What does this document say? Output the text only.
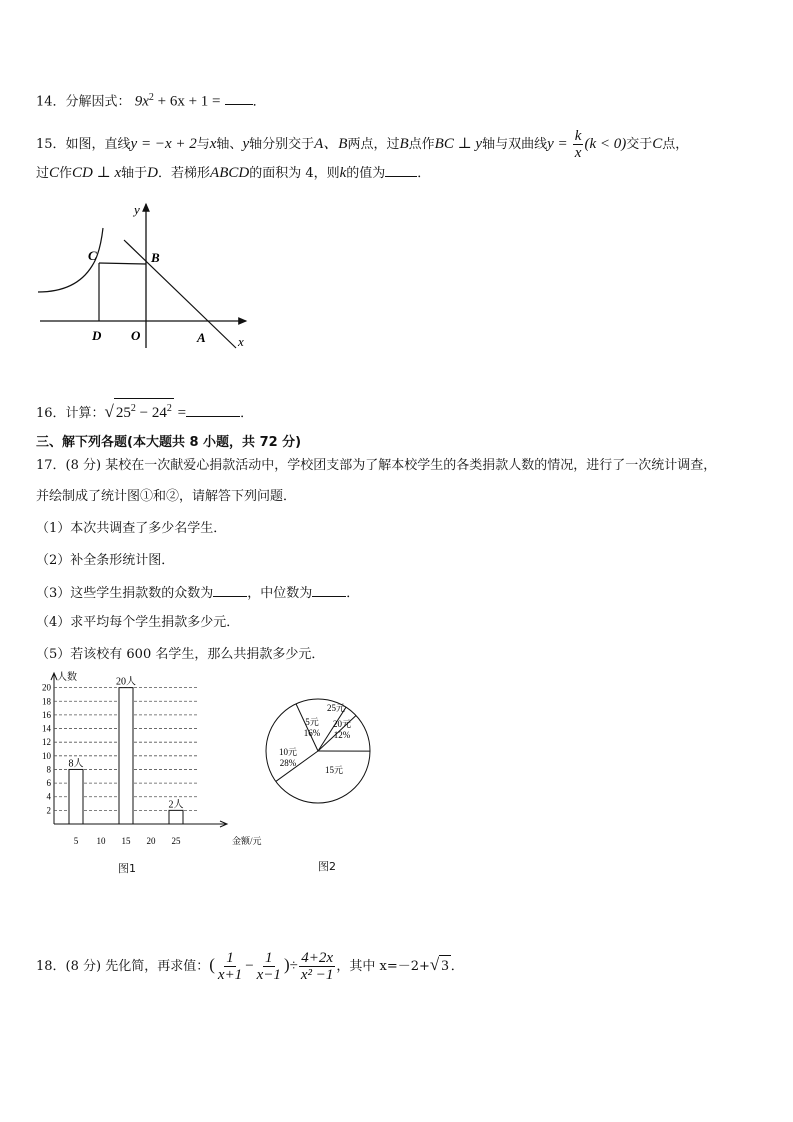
14．分解因式： $9x^2 + 6x + 1$ = ．
15．如图，直线y = −x + 2与x轴、y轴分别交于A、B两点，过B点作BC ⊥ y轴与双曲线$y = \frac{k}{x} (k < 0)$交于C点，
过C作CD ⊥ x轴于D．若梯形ABCD的面积为 4，则k的值为 ．
y
x
C	B
D O	A
16．计算：√ $25^2 - 24^2$ =	．
三、解下列各题(本大题共 8 小题，共 72 分)
17．(8 分) 某校在一次献爱心捐款活动中，学校团支部为了解本校学生的各类捐款人数的情况，进行了一次统计调查，
并绘制成了统计图①和②，请解答下列问题．
（1）本次共调查了多少名学生．
（2）补全条形统计图．
（3）这些学生捐款数的众数为	，中位数为	．
（4）求平均每个学生捐款多少元．
（5）若该校有 600 名学生，那么共捐款多少元．
人数
2
4
6
8
10
12
14
16
18
20
5 10 15 20 25	金额/元
8人
20人
2人
图1
5元
16%
25元
20元
12%
15元
10元
28%
图2
18．(8 分) 先化简，再求值：( $\frac{1}{x+1} - \frac{1}{x-1}$ )÷ $\frac{4+2x}{\text{x² −1}}$ ，其中 x=－2+√ 3 ．
